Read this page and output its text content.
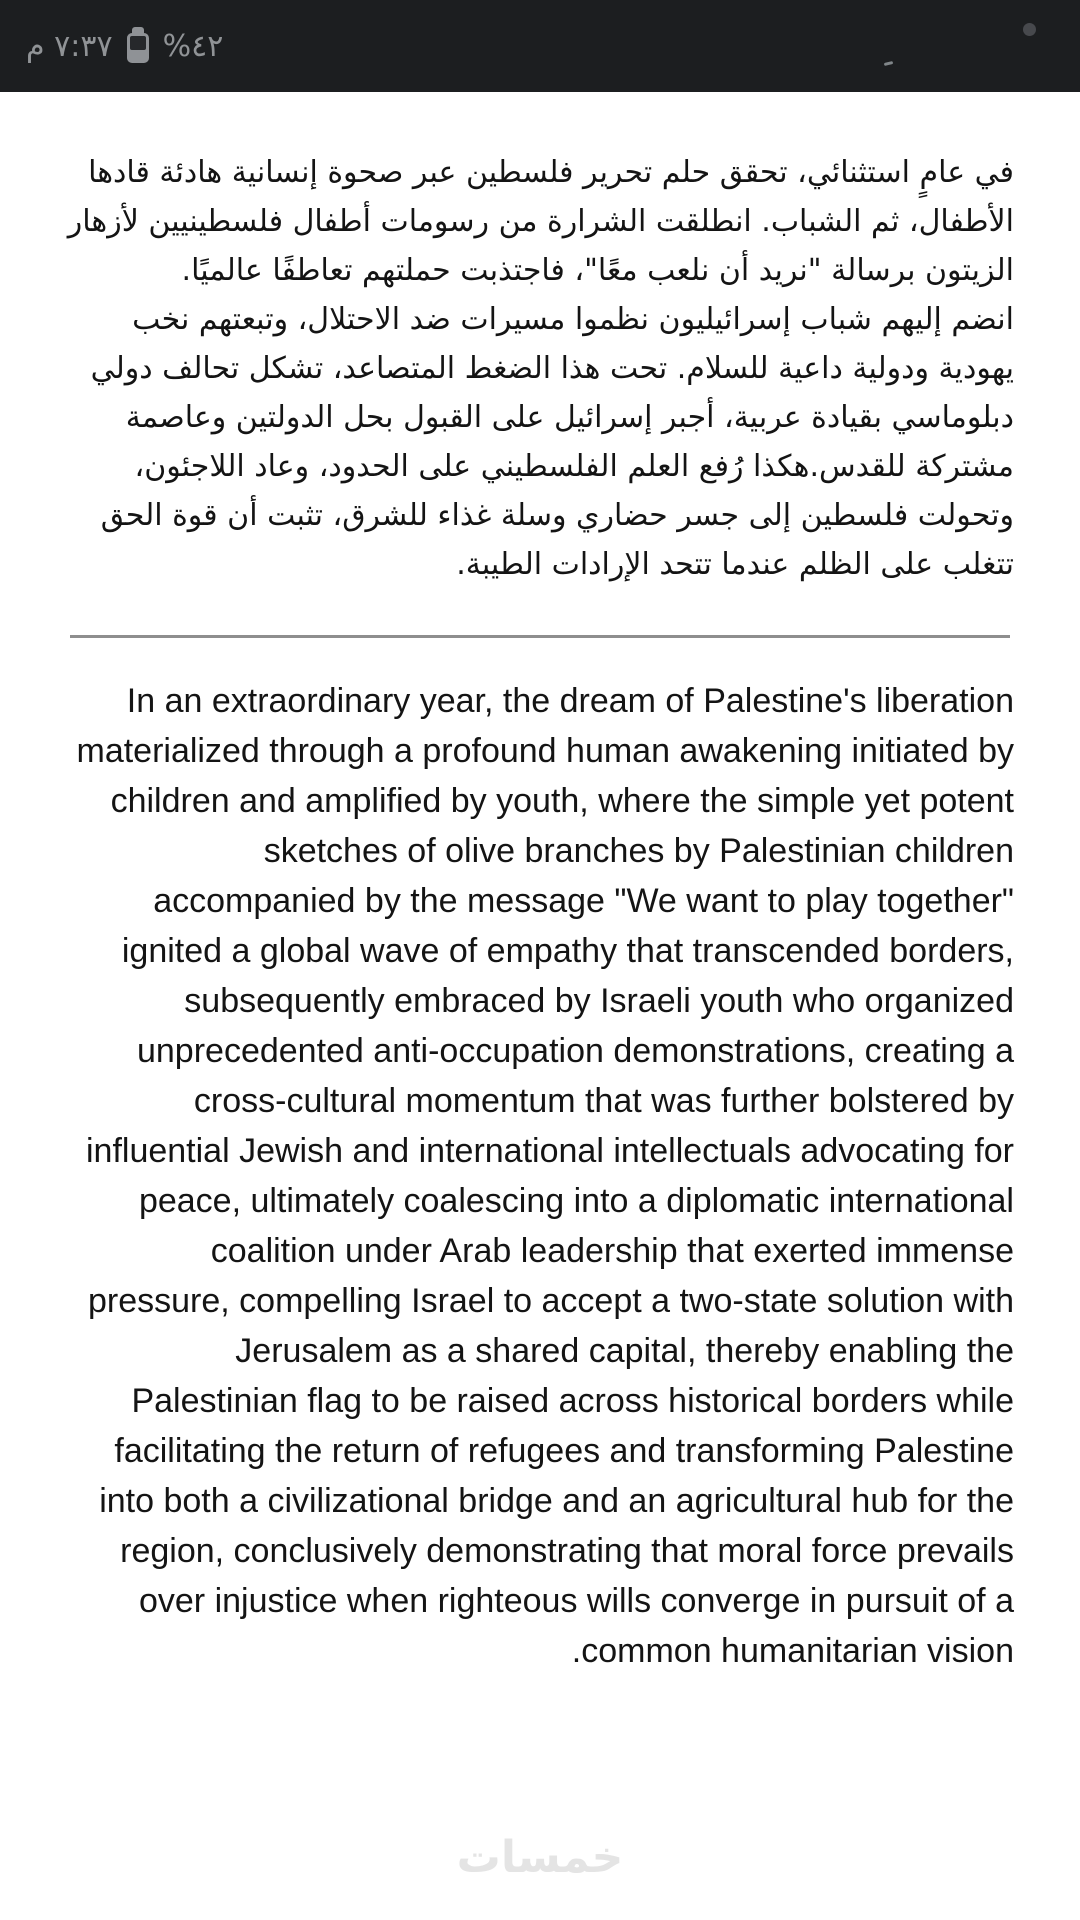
٤٢%
٧:٣٧ م

في عامٍ استثنائي، تحقق حلم تحرير فلسطين عبر صحوة إنسانية هادئة قادها الأطفال، ثم الشباب. انطلقت الشرارة من رسومات أطفال فلسطينيين لأزهار الزيتون برسالة "نريد أن نلعب معًا"، فاجتذبت حملتهم تعاطفًا عالميًا.

انضم إليهم شباب إسرائيليون نظموا مسيرات ضد الاحتلال، وتبعتهم نخب يهودية ودولية داعية للسلام. تحت هذا الضغط المتصاعد، تشكل تحالف دولي دبلوماسي بقيادة عربية، أجبر إسرائيل على القبول بحل الدولتين وعاصمة مشتركة للقدس.هكذا رُفع العلم الفلسطيني على الحدود، وعاد اللاجئون، وتحولت فلسطين إلى جسر حضاري وسلة غذاء للشرق، تثبت أن قوة الحق تتغلب على الظلم عندما تتحد الإرادات الطيبة.

In an extraordinary year, the dream of Palestine's liberation materialized through a profound human awakening initiated by children and amplified by youth, where the simple yet potent sketches of olive branches by Palestinian children accompanied by the message "We want to play together" ignited a global wave of empathy that transcended borders, subsequently embraced by Israeli youth who organized unprecedented anti-occupation demonstrations, creating a cross-cultural momentum that was further bolstered by influential Jewish and international intellectuals advocating for peace, ultimately coalescing into a diplomatic international coalition under Arab leadership that exerted immense pressure, compelling Israel to accept a two-state solution with Jerusalem as a shared capital, thereby enabling the Palestinian flag to be raised across historical borders while facilitating the return of refugees and transforming Palestine into both a civilizational bridge and an agricultural hub for the region, conclusively demonstrating that moral force prevails over injustice when righteous wills converge in pursuit of a common humanitarian vision.

خمسات
